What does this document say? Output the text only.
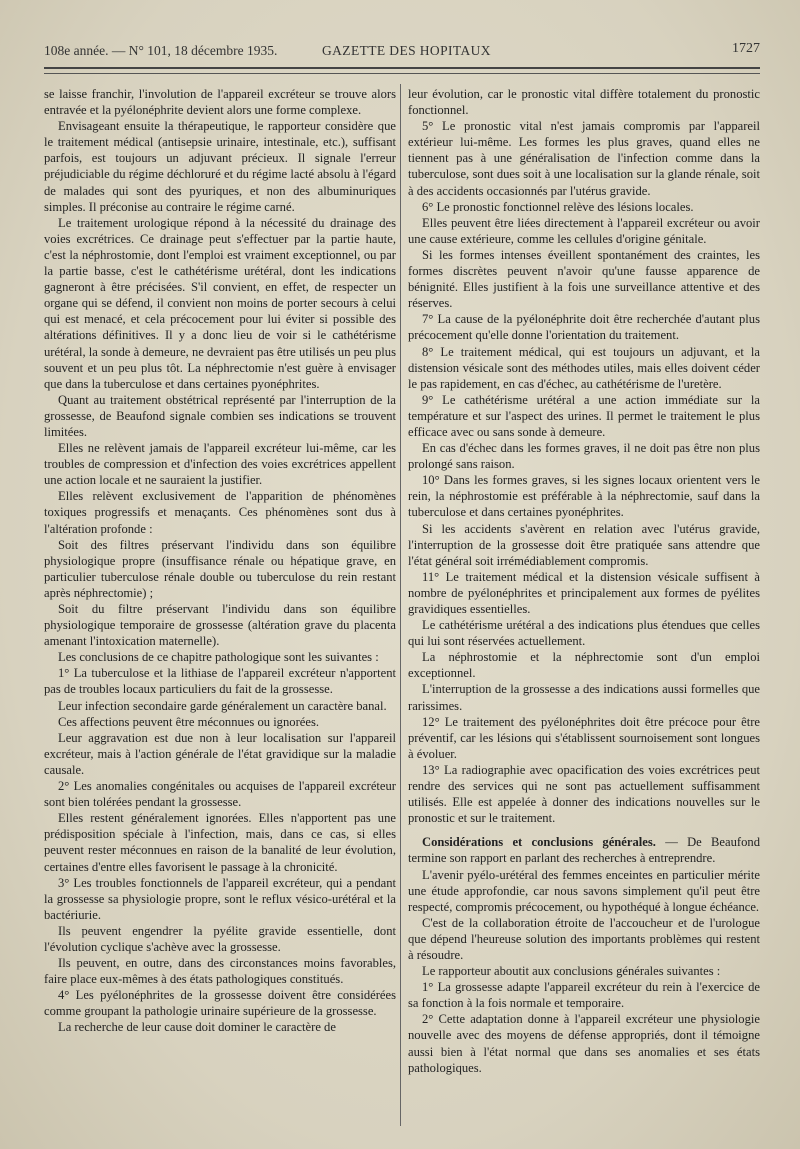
108e année. — N° 101, 18 décembre 1935.	GAZETTE DES HOPITAUX	1727

se laisse franchir, l'involution de l'appareil excréteur se trouve alors entravée et la pyélonéphrite devient alors une forme complexe.

Envisageant ensuite la thérapeutique, le rapporteur considère que le traitement médical (antisepsie urinaire, intestinale, etc.), suffisant parfois, est toujours un adjuvant précieux. Il signale l'erreur préjudiciable du régime déchloruré et du régime lacté absolu à l'égard de malades qui sont des pyuriques, et non des albuminuriques simples. Il préconise au contraire le régime carné.

Le traitement urologique répond à la nécessité du drainage des voies excrétrices. Ce drainage peut s'effectuer par la partie haute, c'est la néphrostomie, dont l'emploi est vraiment exceptionnel, ou par la partie basse, c'est le cathétérisme urétéral, dont les indications gagneront à être précisées. S'il convient, en effet, de respecter un organe qui se défend, il convient non moins de porter secours à celui qui est menacé, et cela précocement pour lui éviter si possible des altérations définitives. Il y a donc lieu de voir si le cathétérisme urétéral, la sonde à demeure, ne devraient pas être utilisés un peu plus souvent et un peu plus tôt. La néphrectomie n'est guère à envisager que dans la tuberculose et dans certaines pyonéphrites.

Quant au traitement obstétrical représenté par l'interruption de la grossesse, de Beaufond signale combien ses indications se trouvent limitées.

Elles ne relèvent jamais de l'appareil excréteur lui-même, car les troubles de compression et d'infection des voies excrétrices appellent une action locale et ne sauraient la justifier.

Elles relèvent exclusivement de l'apparition de phénomènes toxiques progressifs et menaçants. Ces phénomènes sont dus à l'altération profonde :

Soit des filtres préservant l'individu dans son équilibre physiologique propre (insuffisance rénale ou hépatique grave, en particulier tuberculose rénale double ou tuberculose du rein restant après néphrectomie) ;

Soit du filtre préservant l'individu dans son équilibre physiologique temporaire de grossesse (altération grave du placenta amenant l'intoxication maternelle).

Les conclusions de ce chapitre pathologique sont les suivantes :

1° La tuberculose et la lithiase de l'appareil excréteur n'apportent pas de troubles locaux particuliers du fait de la grossesse.

Leur infection secondaire garde généralement un caractère banal.

Ces affections peuvent être méconnues ou ignorées.

Leur aggravation est due non à leur localisation sur l'appareil excréteur, mais à l'action générale de l'état gravidique sur la maladie causale.

2° Les anomalies congénitales ou acquises de l'appareil excréteur sont bien tolérées pendant la grossesse.

Elles restent généralement ignorées. Elles n'apportent pas une prédisposition spéciale à l'infection, mais, dans ce cas, si elles peuvent rester méconnues en raison de la banalité de leur évolution, certaines d'entre elles favorisent le passage à la chronicité.

3° Les troubles fonctionnels de l'appareil excréteur, qui a pendant la grossesse sa physiologie propre, sont le reflux vésico-urétéral et la bactériurie.

Ils peuvent engendrer la pyélite gravide essentielle, dont l'évolution cyclique s'achève avec la grossesse.

Ils peuvent, en outre, dans des circonstances moins favorables, faire place eux-mêmes à des états pathologiques constitués.

4° Les pyélonéphrites de la grossesse doivent être considérées comme groupant la pathologie urinaire supérieure de la grossesse.

La recherche de leur cause doit dominer le caractère de

leur évolution, car le pronostic vital diffère totalement du pronostic fonctionnel.

5° Le pronostic vital n'est jamais compromis par l'appareil extérieur lui-même. Les formes les plus graves, quand elles ne tiennent pas à une généralisation de l'infection comme dans la tuberculose, sont dues soit à une localisation sur la glande rénale, soit à des accidents occasionnés par l'utérus gravide.

6° Le pronostic fonctionnel relève des lésions locales.

Elles peuvent être liées directement à l'appareil excréteur ou avoir une cause extérieure, comme les cellules d'origine génitale.

Si les formes intenses éveillent spontanément des craintes, les formes discrètes peuvent n'avoir qu'une fausse apparence de bénignité. Elles justifient à la fois une surveillance attentive et des réserves.

7° La cause de la pyélonéphrite doit être recherchée d'autant plus précocement qu'elle donne l'orientation du traitement.

8° Le traitement médical, qui est toujours un adjuvant, et la distension vésicale sont des méthodes utiles, mais elles doivent céder le pas rapidement, en cas d'échec, au cathétérisme de l'uretère.

9° Le cathétérisme urétéral a une action immédiate sur la température et sur l'aspect des urines. Il permet le traitement le plus efficace avec ou sans sonde à demeure.

En cas d'échec dans les formes graves, il ne doit pas être non plus prolongé sans raison.

10° Dans les formes graves, si les signes locaux orientent vers le rein, la néphrostomie est préférable à la néphrectomie, sauf dans la tuberculose et dans certaines pyonéphrites.

Si les accidents s'avèrent en relation avec l'utérus gravide, l'interruption de la grossesse doit être pratiquée sans attendre que l'état général soit irrémédiablement compromis.

11° Le traitement médical et la distension vésicale suffisent à nombre de pyélonéphrites et principalement aux formes de pyélites gravidiques essentielles.

Le cathétérisme urétéral a des indications plus étendues que celles qui lui sont réservées actuellement.

La néphrostomie et la néphrectomie sont d'un emploi exceptionnel.

L'interruption de la grossesse a des indications aussi formelles que rarissimes.

12° Le traitement des pyélonéphrites doit être précoce pour être préventif, car les lésions qui s'établissent sournoisement sont longues à évoluer.

13° La radiographie avec opacification des voies excrétrices peut rendre des services qui ne sont pas actuellement suffisamment utilisés. Elle est appelée à donner des indications nouvelles sur le pronostic et sur le traitement.

Considérations et conclusions générales. — De Beaufond termine son rapport en parlant des recherches à entreprendre.

L'avenir pyélo-urétéral des femmes enceintes en particulier mérite une étude approfondie, car nous savons simplement qu'il peut être respecté, compromis précocement, ou hypothéqué à longue échéance.

C'est de la collaboration étroite de l'accoucheur et de l'urologue que dépend l'heureuse solution des importants problèmes qui restent à résoudre.

Le rapporteur aboutit aux conclusions générales suivantes :

1° La grossesse adapte l'appareil excréteur du rein à l'exercice de sa fonction à la fois normale et temporaire.

2° Cette adaptation donne à l'appareil excréteur une physiologie nouvelle avec des moyens de défense appropriés, dont il témoigne aussi bien à l'état normal que dans ses anomalies et ses états pathologiques.
